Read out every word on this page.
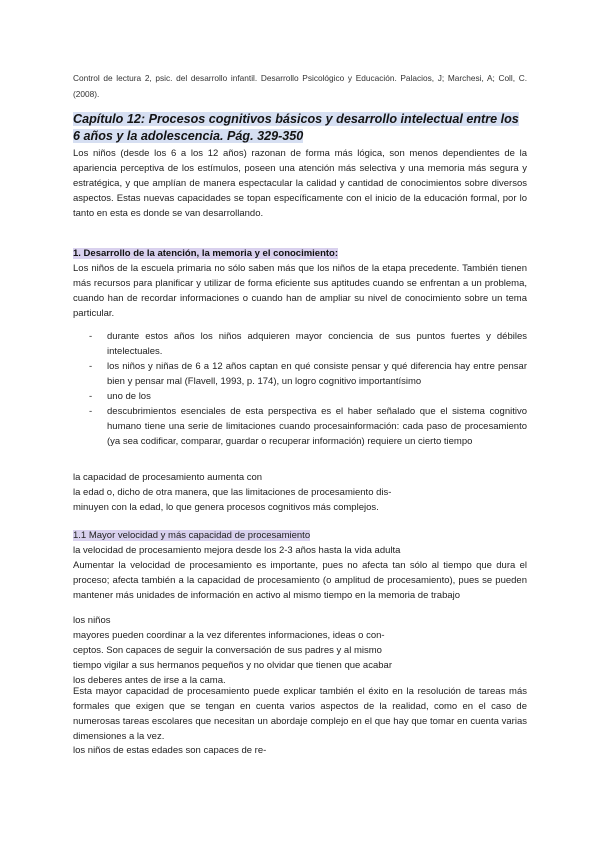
Control de lectura 2, psic. del desarrollo infantil. Desarrollo Psicológico y Educación. Palacios, J; Marchesi, A; Coll, C. (2008).
Capítulo 12: Procesos cognitivos básicos y desarrollo intelectual entre los 6 años y la adolescencia. Pág. 329-350
Los niños (desde los 6 a los 12 años) razonan de forma más lógica, son menos dependientes de la apariencia perceptiva de los estímulos, poseen una atención más selectiva y una memoria más segura y estratégica, y que amplían de manera espectacular la calidad y cantidad de conocimientos sobre diversos aspectos. Estas nuevas capacidades se topan específicamente con el inicio de la educación formal, por lo tanto en esta es donde se van desarrollando.
1. Desarrollo de la atención, la memoria y el conocimiento:
Los niños de la escuela primaria no sólo saben más que los niños de la etapa precedente. También tienen más recursos para planificar y utilizar de forma eficiente sus aptitudes cuando se enfrentan a un problema, cuando han de recordar informaciones o cuando han de ampliar su nivel de conocimiento sobre un tema particular.
- durante estos años los niños adquieren mayor conciencia de sus puntos fuertes y débiles intelectuales.
- los niños y niñas de 6 a 12 años captan en qué consiste pensar y qué diferencia hay entre pensar bien y pensar mal (Flavell, 1993, p. 174), un logro cognitivo importantísimo
- uno de los
- descubrimientos esenciales de esta perspectiva es el haber señalado que el sistema cognitivo humano tiene una serie de limitaciones cuando procesainformación: cada paso de procesamiento (ya sea codificar, comparar, guardar o recuperar información) requiere un cierto tiempo
la capacidad de procesamiento aumenta con
la edad o, dicho de otra manera, que las limitaciones de procesamiento dis-
minuyen con la edad, lo que genera procesos cognitivos más complejos.
1.1 Mayor velocidad y más capacidad de procesamiento
la velocidad de procesamiento mejora desde los 2-3 años hasta la vida adulta
Aumentar la velocidad de procesamiento es importante, pues no afecta tan sólo al tiempo que dura el proceso; afecta también a la capacidad de procesamiento (o amplitud de procesamiento), pues se pueden mantener más unidades de información en activo al mismo tiempo en la memoria de trabajo
los niños
mayores pueden coordinar a la vez diferentes informaciones, ideas o con-
ceptos. Son capaces de seguir la conversación de sus padres y al mismo
tiempo vigilar a sus hermanos pequeños y no olvidar que tienen que acabar
los deberes antes de irse a la cama.
Esta mayor capacidad de procesamiento puede explicar también el éxito en la resolución de tareas más formales que exigen que se tengan en cuenta varios aspectos de la realidad, como en el caso de numerosas tareas escolares que necesitan un abordaje complejo en el que hay que tomar en cuenta varias dimensiones a la vez.
los niños de estas edades son capaces de re-
